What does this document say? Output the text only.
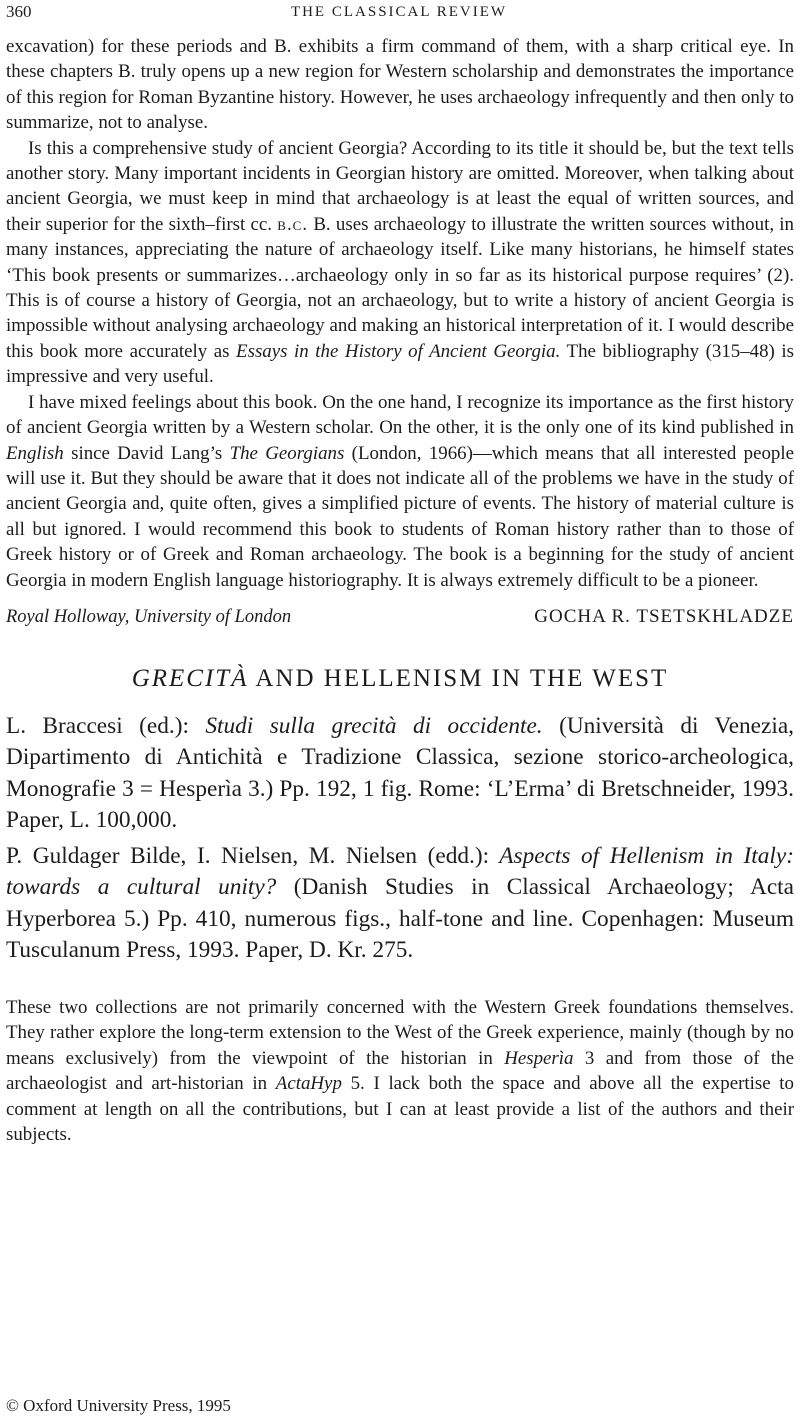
360	THE CLASSICAL REVIEW

excavation) for these periods and B. exhibits a firm command of them, with a sharp critical eye. In these chapters B. truly opens up a new region for Western scholarship and demonstrates the importance of this region for Roman Byzantine history. However, he uses archaeology infrequently and then only to summarize, not to analyse.

Is this a comprehensive study of ancient Georgia? According to its title it should be, but the text tells another story. Many important incidents in Georgian history are omitted. Moreover, when talking about ancient Georgia, we must keep in mind that archaeology is at least the equal of written sources, and their superior for the sixth–first cc. b.c. B. uses archaeology to illustrate the written sources without, in many instances, appreciating the nature of archaeology itself. Like many historians, he himself states ‘This book presents or summarizes…archaeology only in so far as its historical purpose requires’ (2). This is of course a history of Georgia, not an archaeology, but to write a history of ancient Georgia is impossible without analysing archaeology and making an historical interpretation of it. I would describe this book more accurately as Essays in the History of Ancient Georgia. The bibliography (315–48) is impressive and very useful.

I have mixed feelings about this book. On the one hand, I recognize its importance as the first history of ancient Georgia written by a Western scholar. On the other, it is the only one of its kind published in English since David Lang’s The Georgians (London, 1966)—which means that all interested people will use it. But they should be aware that it does not indicate all of the problems we have in the study of ancient Georgia and, quite often, gives a simplified picture of events. The history of material culture is all but ignored. I would recommend this book to students of Roman history rather than to those of Greek history or of Greek and Roman archaeology. The book is a beginning for the study of ancient Georgia in modern English language historiography. It is always extremely difficult to be a pioneer.

Royal Holloway, University of London	GOCHA R. TSETSKHLADZE
GRECITÀ AND HELLENISM IN THE WEST

L. Braccesi (ed.): Studi sulla grecità di occidente. (Università di Venezia, Dipartimento di Antichità e Tradizione Classica, sezione storico-archeologica, Monografie 3 = Hesperìa 3.) Pp. 192, 1 fig. Rome: ‘L’Erma’ di Bretschneider, 1993. Paper, L. 100,000.

P. Guldager Bilde, I. Nielsen, M. Nielsen (edd.): Aspects of Hellenism in Italy: towards a cultural unity? (Danish Studies in Classical Archaeology; Acta Hyperborea 5.) Pp. 410, numerous figs., half-tone and line. Copenhagen: Museum Tusculanum Press, 1993. Paper, D. Kr. 275.

These two collections are not primarily concerned with the Western Greek foundations themselves. They rather explore the long-term extension to the West of the Greek experience, mainly (though by no means exclusively) from the viewpoint of the historian in Hesperìa 3 and from those of the archaeologist and art-historian in ActaHyp 5. I lack both the space and above all the expertise to comment at length on all the contributions, but I can at least provide a list of the authors and their subjects.

© Oxford University Press, 1995
